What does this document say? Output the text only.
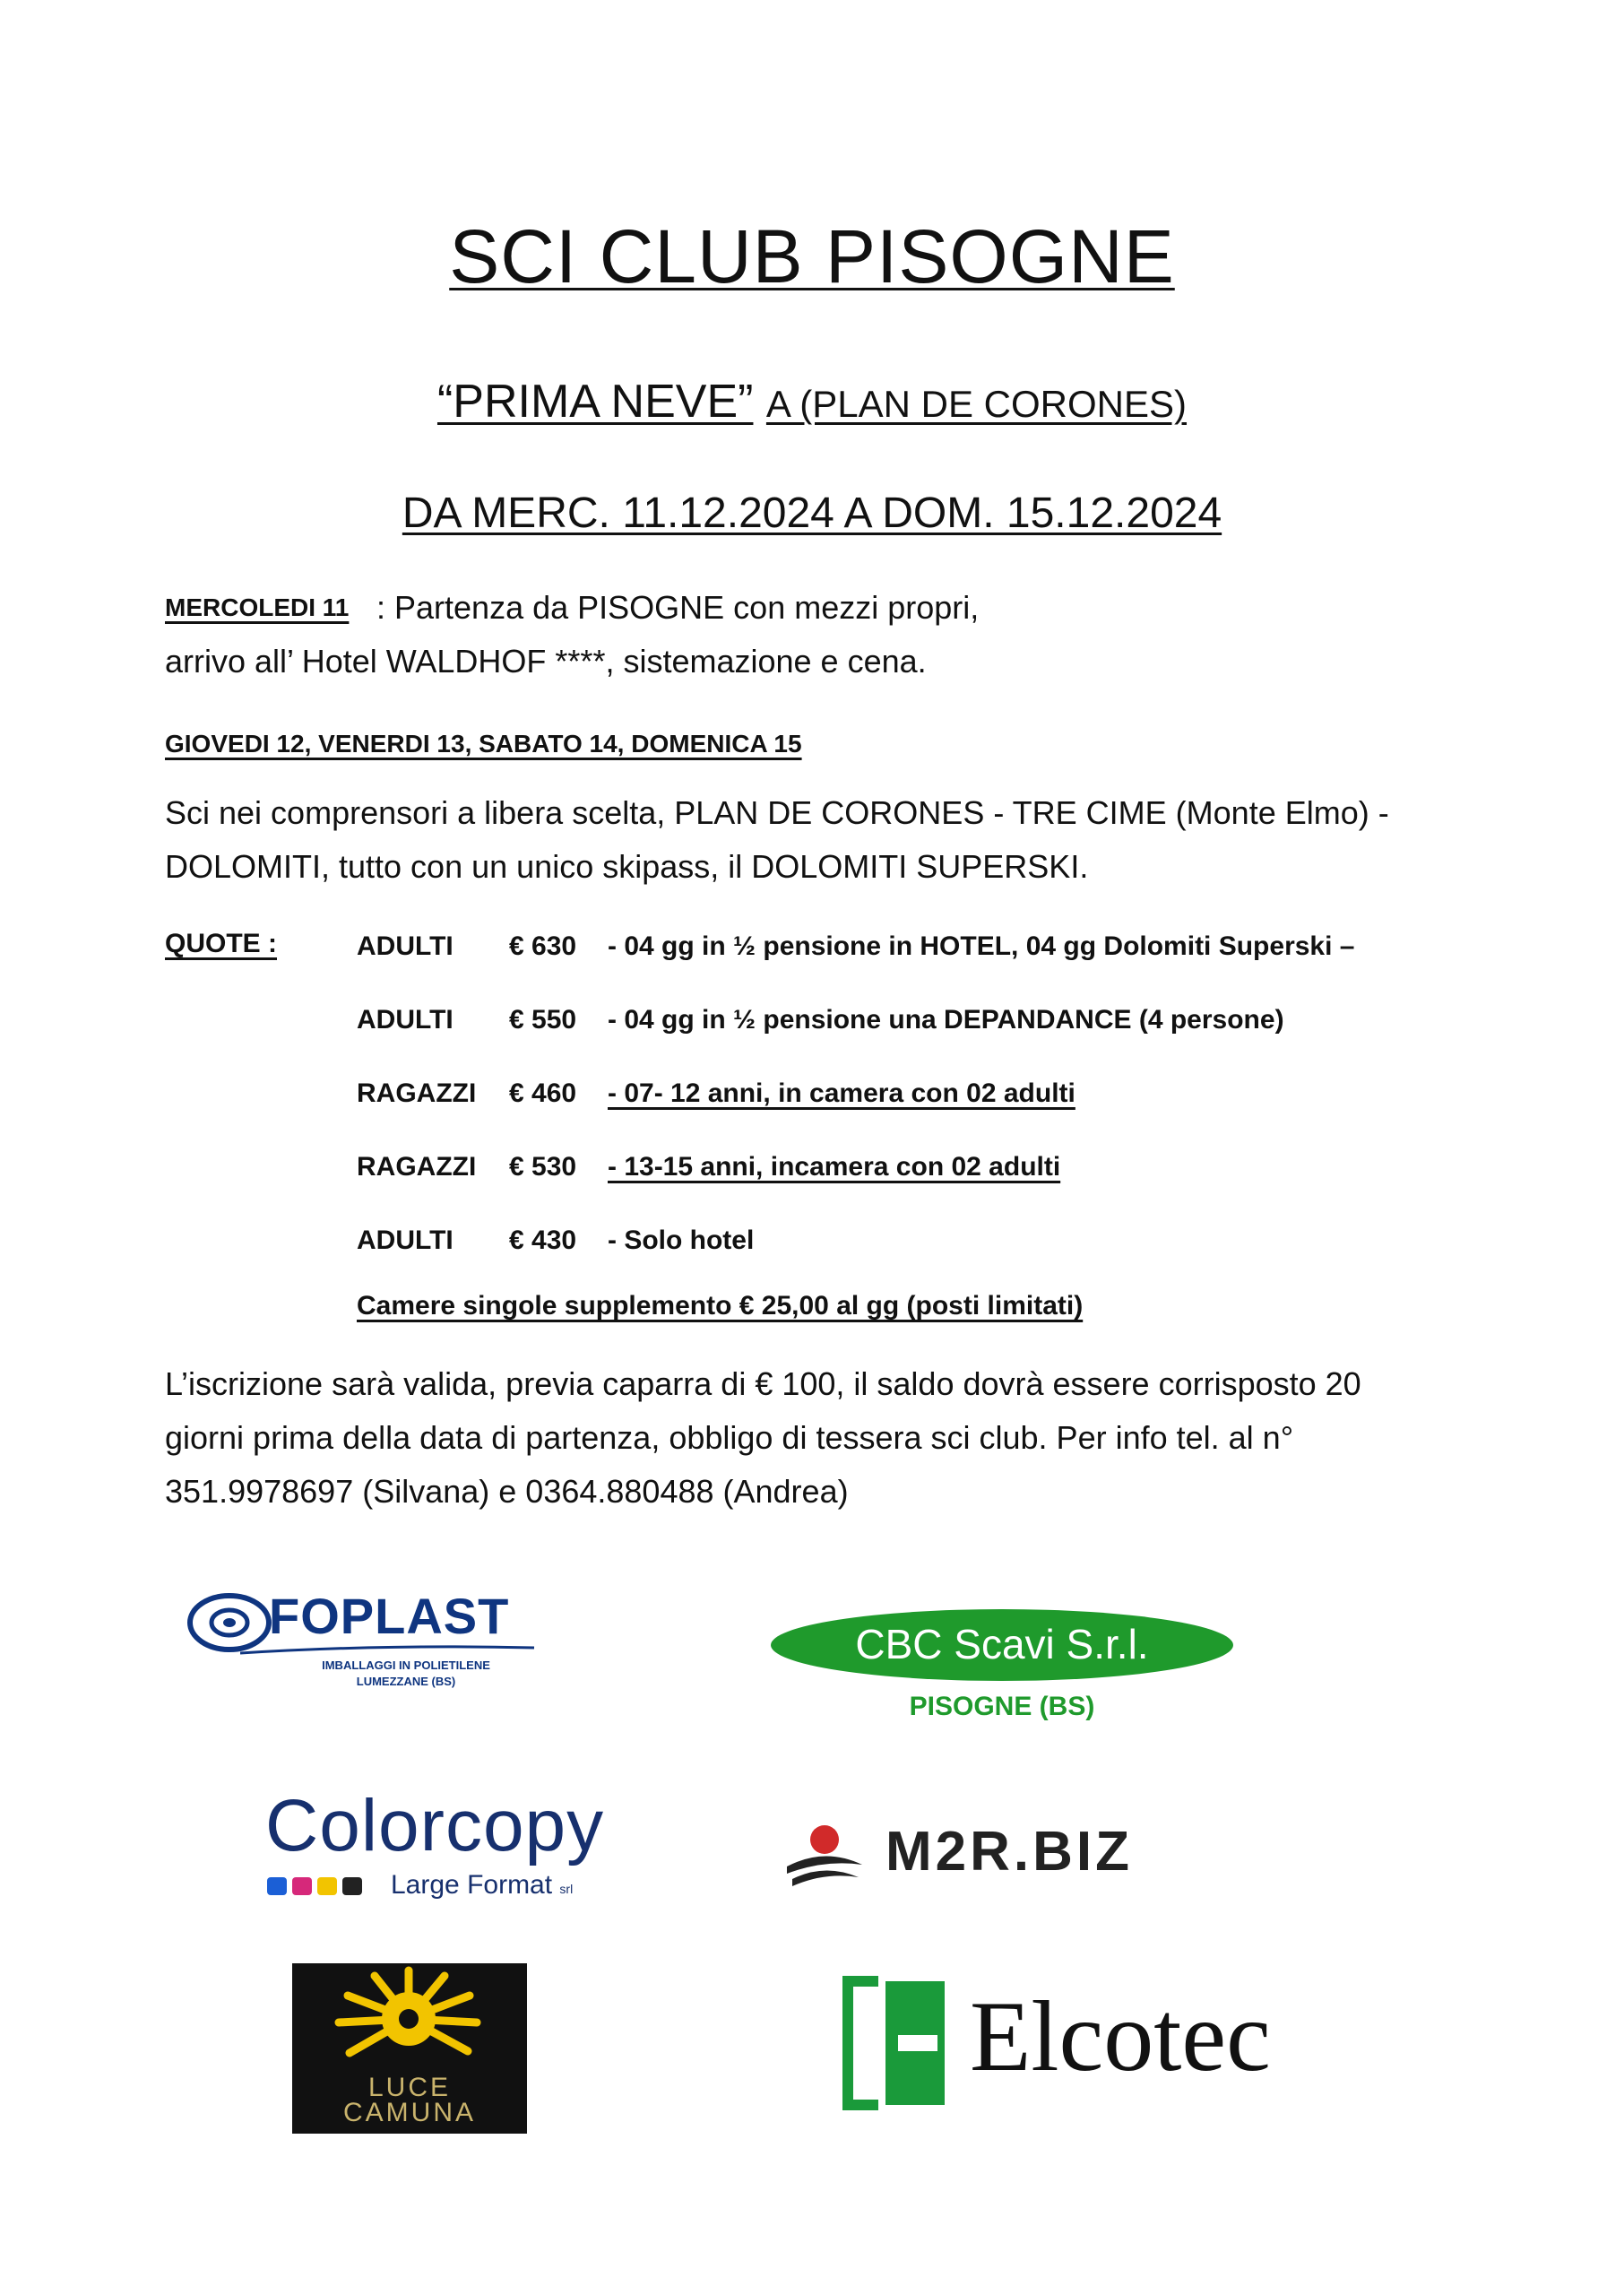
SCI CLUB PISOGNE
“PRIMA NEVE” A (PLAN DE CORONES)
DA MERC. 11.12.2024 A DOM. 15.12.2024
MERCOLEDI 11 : Partenza da PISOGNE con mezzi propri,
arrivo all’ Hotel WALDHOF ****, sistemazione e cena.
GIOVEDI 12, VENERDI 13, SABATO 14, DOMENICA 15
Sci nei comprensori a libera scelta, PLAN DE CORONES - TRE CIME (Monte Elmo) -
DOLOMITI, tutto con un unico skipass, il DOLOMITI SUPERSKI.
QUOTE :	ADULTI € 630 - 04 gg in ½ pensione in HOTEL, 04 gg Dolomiti Superski –
ADULTI € 550 - 04 gg in ½ pensione una DEPANDANCE (4 persone)
RAGAZZI € 460 - 07- 12 anni, in camera con 02 adulti
RAGAZZI € 530 - 13-15 anni, incamera con 02 adulti
ADULTI € 430 - Solo hotel
Camere singole supplemento € 25,00 al gg (posti limitati)
L’iscrizione sarà valida, previa caparra di € 100, il saldo dovrà essere corrisposto 20
giorni prima della data di partenza, obbligo di tessera sci club. Per info tel. al n°
351.9978697 (Silvana) e 0364.880488 (Andrea)
FOPLAST
IMBALLAGGI IN POLIETILENE
LUMEZZANE (BS)
CBC Scavi S.r.l.
PISOGNE (BS)
Colorcopy
Large Format srl
M2R.BIZ
LUCE
CAMUNA
Elcotec
